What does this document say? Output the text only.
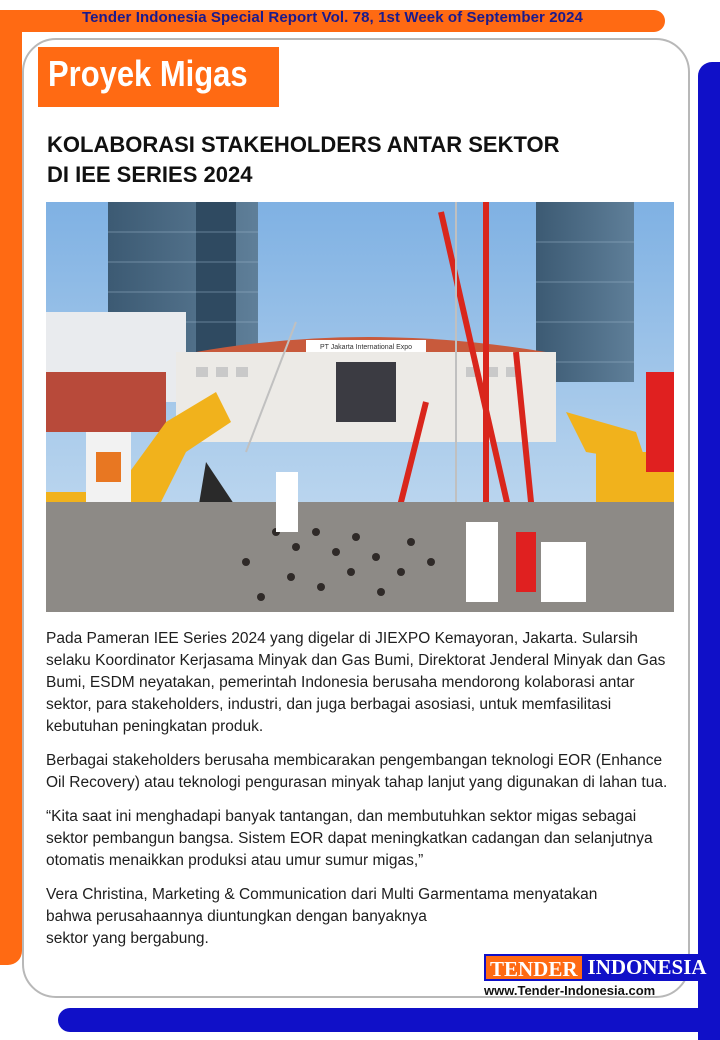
Tender Indonesia Special Report Vol. 78, 1st Week of September 2024
Proyek Migas
KOLABORASI STAKEHOLDERS ANTAR SEKTOR
DI IEE SERIES 2024
PT Jakarta International Expo

Pada Pameran IEE Series 2024 yang digelar di JIEXPO Kemayoran, Jakarta. Sularsih selaku Koordinator Kerjasama Minyak dan Gas Bumi, Direktorat Jenderal Minyak dan Gas Bumi, ESDM neyatakan, pemerintah Indonesia berusaha mendorong kolaborasi antar sektor, para stakeholders, industri, dan juga berbagai asosiasi, untuk memfasilitasi kebutuhan peningkatan produk.

Berbagai stakeholders berusaha membicarakan pengembangan teknologi EOR (Enhance Oil Recovery) atau teknologi pengurasan minyak tahap lanjut yang digunakan di lahan tua.

“Kita saat ini menghadapi banyak tantangan, dan membutuhkan sektor migas sebagai sektor pembangun bangsa. Sistem EOR dapat meningkatkan cadangan dan selanjutnya otomatis menaikkan produksi atau umur sumur migas,”

Vera Christina, Marketing & Communication dari Multi Garmentama menyatakan
bahwa perusahaannya diuntungkan dengan banyaknya
sektor yang bergabung.

TENDER INDONESIA
www.Tender-Indonesia.com
